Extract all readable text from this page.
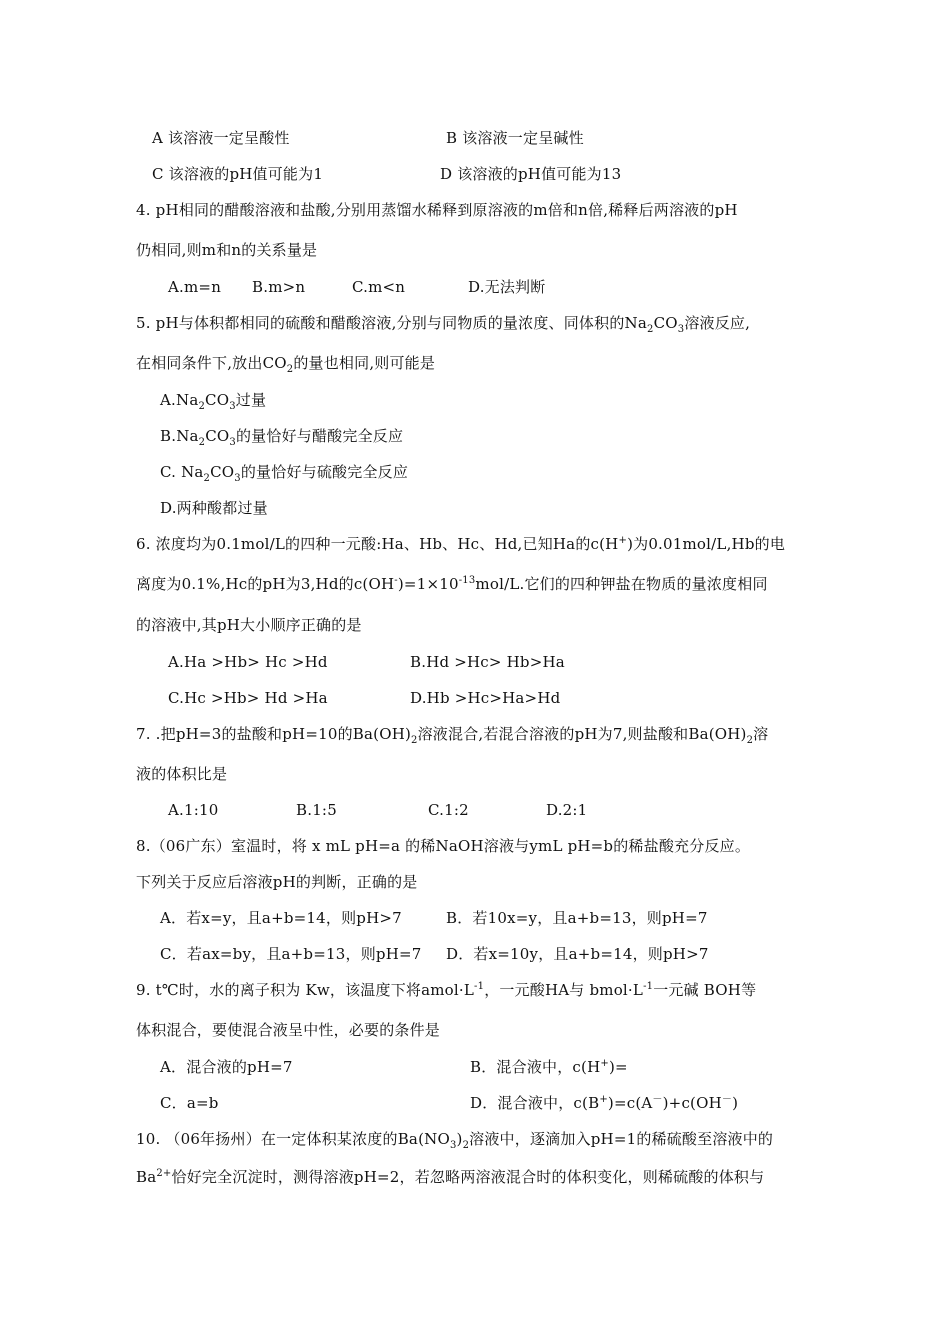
A 该溶液一定呈酸性	B 该溶液一定呈碱性
C 该溶液的pH值可能为1	D 该溶液的pH值可能为13
4. pH相同的醋酸溶液和盐酸,分别用蒸馏水稀释到原溶液的m倍和n倍,稀释后两溶液的pH
仍相同,则m和n的关系量是
A.m=n B.m>n	C.m<n	D.无法判断
5. pH与体积都相同的硫酸和醋酸溶液,分别与同物质的量浓度、同体积的$Na_2CO_3$溶液反应,
在相同条件下,放出$CO_2$的量也相同,则可能是
$A.Na_2CO_3$过量
$B.Na_2CO_3$的量恰好与醋酸完全反应
C. $Na_2CO_3$的量恰好与硫酸完全反应
D.两种酸都过量
6. 浓度均为0.1mol/L的四种一元酸:Ha、Hb、Hc、Hd,已知Ha的c(H+)为0.01mol/L,Hb的电
离度为0.1%,Hc的pH为3,Hd的$c(OH^-)=1\times 10^{-13}mol/L$.它们的四种钾盐在物质的量浓度相同
的溶液中,其pH大小顺序正确的是
A.Ha >Hb> Hc >Hd	B.Hd >Hc> Hb>Ha
C.Hc >Hb> Hd >Ha	D.Hb >Hc>Ha>Hd
7. .把pH=3的盐酸和pH=10的$Ba(OH)_2$溶液混合,若混合溶液的pH为7,则盐酸和$Ba(OH)_2$溶
液的体积比是
A.1:10	B.1:5	C.1:2	D.2:1
8.（06广东）室温时，将 x mL pH=a 的稀NaOH溶液与ymL pH=b的稀盐酸充分反应。
下列关于反应后溶液pH的判断，正确的是
A．若x=y，且a+b=14，则pH>7	B．若10x=y，且a+b=13，则pH=7
C．若ax=by，且a+b=13，则pH=7 D．若x=10y，且a+b=14，则pH>7
9. t℃时，水的离子积为 Kw，该温度下将$amol\cdot L^{-1}$，一元酸HA与 $bmol\cdot L^{-1}$一元碱 BOH等
体积混合，要使混合液呈中性，必要的条件是
A．混合液的pH=7	B．混合液中，c(H+)=
C．a=b	D．混合液中，c(B+)=c(A－)+c(OH－)
10. （06年扬州）在一定体积某浓度的$Ba(NO_3)_2$溶液中，逐滴加入pH=1的稀硫酸至溶液中的
$Ba^{2+}$恰好完全沉淀时，测得溶液pH=2，若忽略两溶液混合时的体积变化，则稀硫酸的体积与
